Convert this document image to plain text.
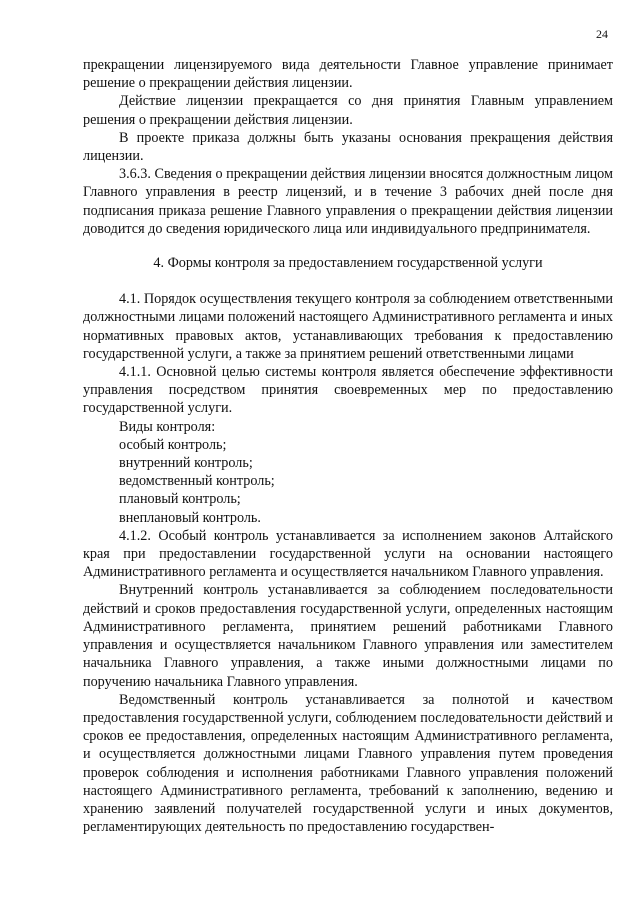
24

прекращении лицензируемого вида деятельности Главное управление принимает решение о прекращении действия лицензии.

Действие лицензии прекращается со дня принятия Главным управлением решения о прекращении действия лицензии.

В проекте приказа должны быть указаны основания прекращения действия лицензии.

3.6.3. Сведения о прекращении действия лицензии вносятся должностным лицом Главного управления в реестр лицензий, и в течение 3 рабочих дней после дня подписания приказа решение Главного управления о прекращении действия лицензии доводится до сведения юридического лица или индивидуального предпринимателя.

4. Формы контроля за предоставлением государственной услуги

4.1. Порядок осуществления текущего контроля за соблюдением ответственными должностными лицами положений настоящего Административного регламента и иных нормативных правовых актов, устанавливающих требования к предоставлению государственной услуги, а также за принятием решений ответственными лицами

4.1.1. Основной целью системы контроля является обеспечение эффективности управления посредством принятия своевременных мер по предоставлению государственной услуги.

Виды контроля:

особый контроль;

внутренний контроль;

ведомственный контроль;

плановый контроль;

внеплановый контроль.

4.1.2. Особый контроль устанавливается за исполнением законов Алтайского края при предоставлении государственной услуги на основании настоящего Административного регламента и осуществляется начальником Главного управления.

Внутренний контроль устанавливается за соблюдением последовательности действий и сроков предоставления государственной услуги, определенных настоящим Административного регламента, принятием решений работниками Главного управления и осуществляется начальником Главного управления или заместителем начальника Главного управления, а также иными должностными лицами по поручению начальника Главного управления.

Ведомственный контроль устанавливается за полнотой и качеством предоставления государственной услуги, соблюдением последовательности действий и сроков ее предоставления, определенных настоящим Административного регламента, и осуществляется должностными лицами Главного управления путем проведения проверок соблюдения и исполнения работниками Главного управления положений настоящего Административного регламента, требований к заполнению, ведению и хранению заявлений получателей государственной услуги и иных документов, регламентирующих деятельность по предоставлению государствен-
